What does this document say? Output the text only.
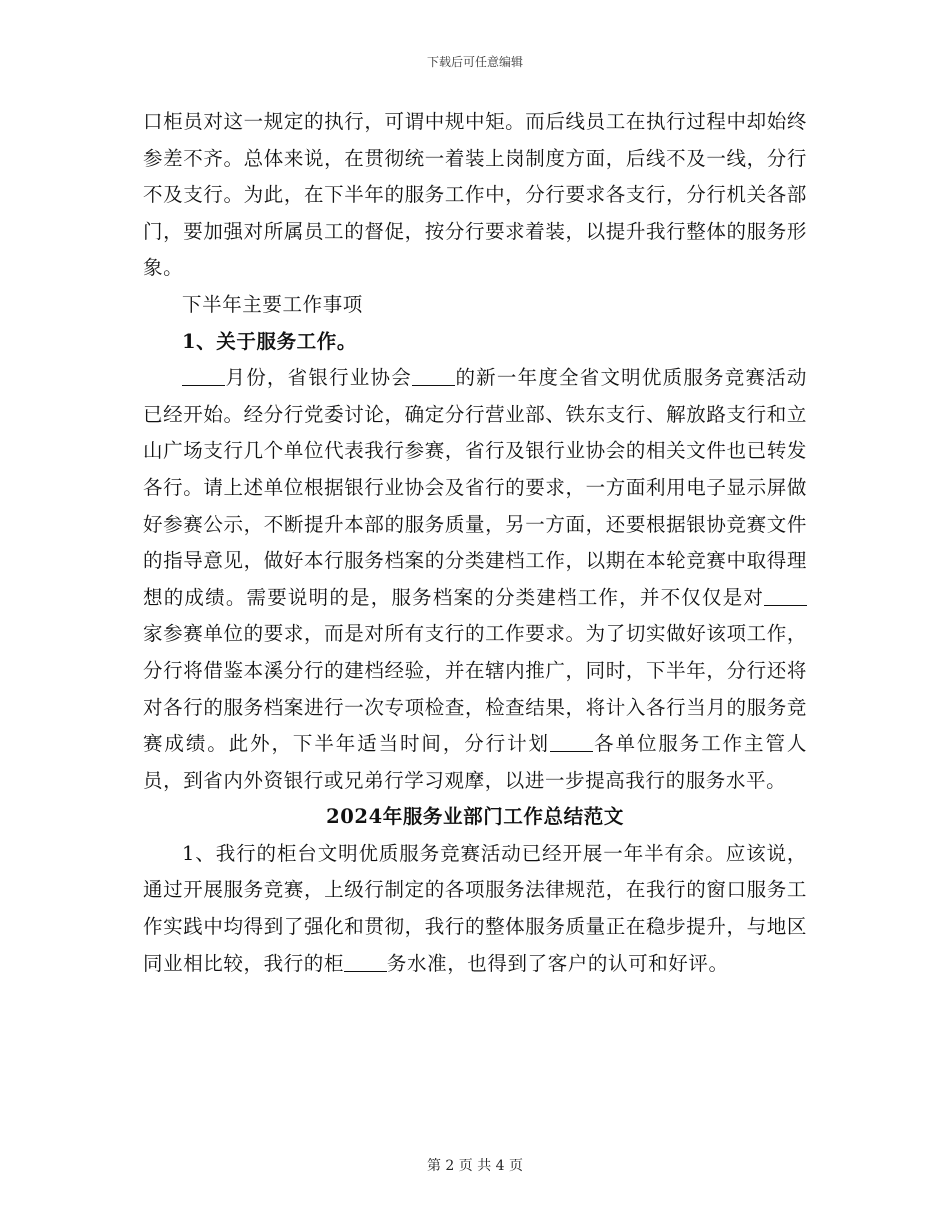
下载后可任意编辑

口柜员对这一规定的执行，可谓中规中矩。而后线员工在执行过程中却始终参差不齐。总体来说，在贯彻统一着装上岗制度方面，后线不及一线，分行不及支行。为此，在下半年的服务工作中，分行要求各支行，分行机关各部门，要加强对所属员工的督促，按分行要求着装，以提升我行整体的服务形象。

下半年主要工作事项

1、关于服务工作。

月份，省银行业协会 的新一年度全省文明优质服务竞赛活动已经开始。经分行党委讨论，确定分行营业部、铁东支行、解放路支行和立山广场支行几个单位代表我行参赛，省行及银行业协会的相关文件也已转发各行。请上述单位根据银行业协会及省行的要求，一方面利用电子显示屏做好参赛公示，不断提升本部的服务质量，另一方面，还要根据银协竞赛文件的指导意见，做好本行服务档案的分类建档工作，以期在本轮竞赛中取得理想的成绩。需要说明的是，服务档案的分类建档工作，并不仅仅是对家参赛单位的要求，而是对所有支行的工作要求。为了切实做好该项工作，分行将借鉴本溪分行的建档经验，并在辖内推广，同时，下半年，分行还将对各行的服务档案进行一次专项检查，检查结果，将计入各行当月的服务竞赛成绩。此外，下半年适当时间，分行计划 各单位服务工作主管人员，到省内外资银行或兄弟行学习观摩，以进一步提高我行的服务水平。

2024年服务业部门工作总结范文

1、我行的柜台文明优质服务竞赛活动已经开展一年半有余。应该说，通过开展服务竞赛，上级行制定的各项服务法律规范，在我行的窗口服务工作实践中均得到了强化和贯彻，我行的整体服务质量正在稳步提升，与地区同业相比较，我行的柜 务水准，也得到了客户的认可和好评。

第 2 页 共 4 页
